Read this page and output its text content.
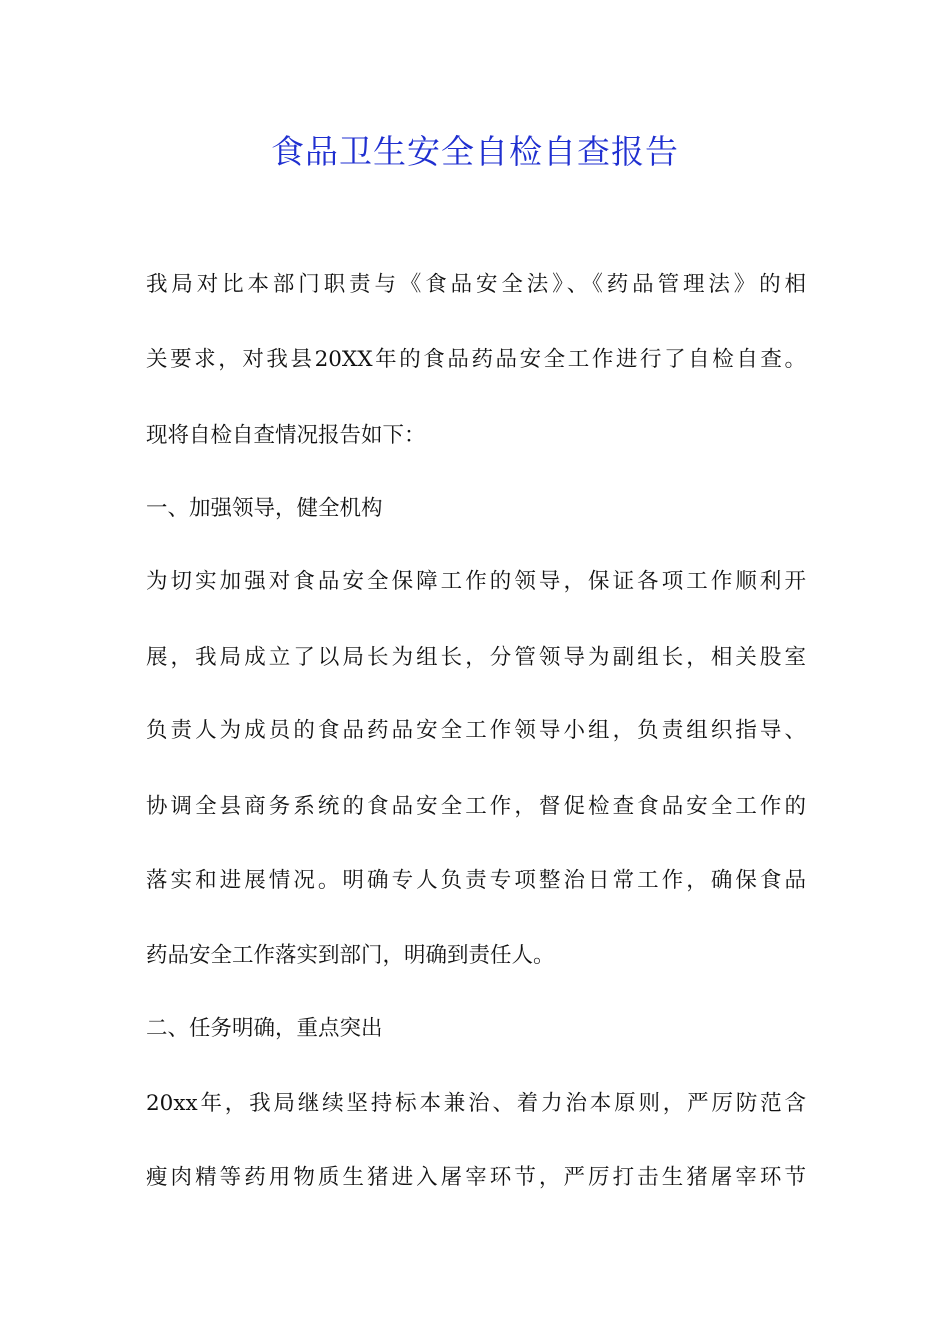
食品卫生安全自检自查报告
我局对比本部门职责与《食品安全法》、《药品管理法》的相
关要求，对我县20XX年的食品药品安全工作进行了自检自查。
现将自检自查情况报告如下：
一、加强领导，健全机构
为切实加强对食品安全保障工作的领导，保证各项工作顺利开
展，我局成立了以局长为组长，分管领导为副组长，相关股室
负责人为成员的食品药品安全工作领导小组，负责组织指导、
协调全县商务系统的食品安全工作，督促检查食品安全工作的
落实和进展情况。明确专人负责专项整治日常工作，确保食品
药品安全工作落实到部门，明确到责任人。
二、任务明确，重点突出
20xx年，我局继续坚持标本兼治、着力治本原则，严厉防范含
瘦肉精等药用物质生猪进入屠宰环节，严厉打击生猪屠宰环节
